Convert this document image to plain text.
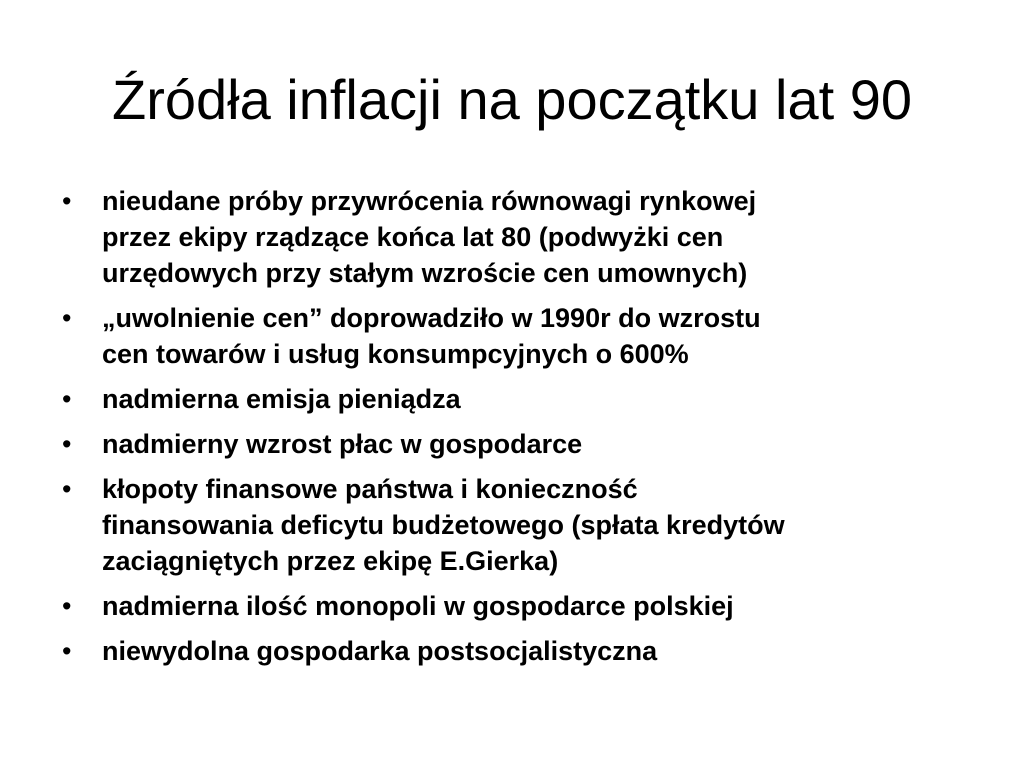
Źródła inflacji na początku lat 90
• nieudane próby przywrócenia równowagi rynkowej
przez ekipy rządzące końca lat 80 (podwyżki cen
urzędowych przy stałym wzroście cen umownych)
• „uwolnienie cen” doprowadziło w 1990r do wzrostu
cen towarów i usług konsumpcyjnych o 600%
• nadmierna emisja pieniądza
• nadmierny wzrost płac w gospodarce
• kłopoty finansowe państwa i konieczność
finansowania deficytu budżetowego (spłata kredytów
zaciągniętych przez ekipę E.Gierka)
• nadmierna ilość monopoli w gospodarce polskiej
• niewydolna gospodarka postsocjalistyczna
